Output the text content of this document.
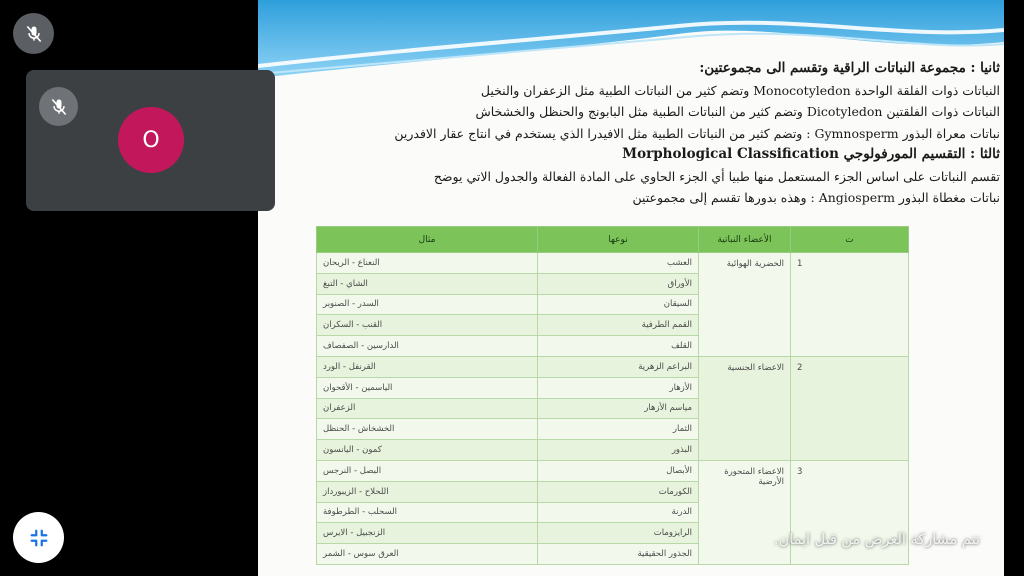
ثانيا : مجموعة النباتات الراقية وتقسم الى مجموعتين:
النباتات ذوات الفلقة الواحدة Monocotyledon وتضم كثير من النباتات الطبية مثل الزعفران والنخيل
النباتات ذوات الفلقتين Dicotyledon وتضم كثير من النباتات الطبية مثل البابونج والحنظل والخشخاش
نباتات معراة البذور Gymnosperm : وتضم كثير من النباتات الطبية مثل الافيدرا الذي يستخدم في انتاج عقار الافدرين
ثالثا : التقسيم المورفولوجي Morphological Classification
تقسم النباتات على اساس الجزء المستعمل منها طبيا أي الجزء الحاوي على المادة الفعالة والجدول الاتي يوضح
نباتات مغطاة البذور Angiosperm : وهذه بدورها تقسم إلى مجموعتين
ت	الأعضاء النباتية	نوعها	مثال
1	الخضرية الهوائية	العشب	النعناع - الريحان
		الأوراق	الشاي - التبغ
		السيقان	السدر - الصنوبر
		القمم الطرفية	القنب - السكران
		القلف	الدارسين - الصفصاف
2	الاعضاء الجنسية	البراعم الزهرية	القرنفل - الورد
		الأزهار	الياسمين - الأقحوان
		مياسم الأزهار	الزعفران
		الثمار	الخشخاش - الحنظل
		البذور	كمون - اليانسون
3	الاعضاء المتحورة الأرضية	الأبصال	البصل - النرجس
		الكورمات	اللحلاح - الزيبورداز
		الدرنة	السحلب - الطرطوفة
		الرايزومات	الزنجبيل - الايرس
		الجذور الحقيقية	العرق سوس - الشمر
تتم مشاركة العرض من قبل ايمان.
O
